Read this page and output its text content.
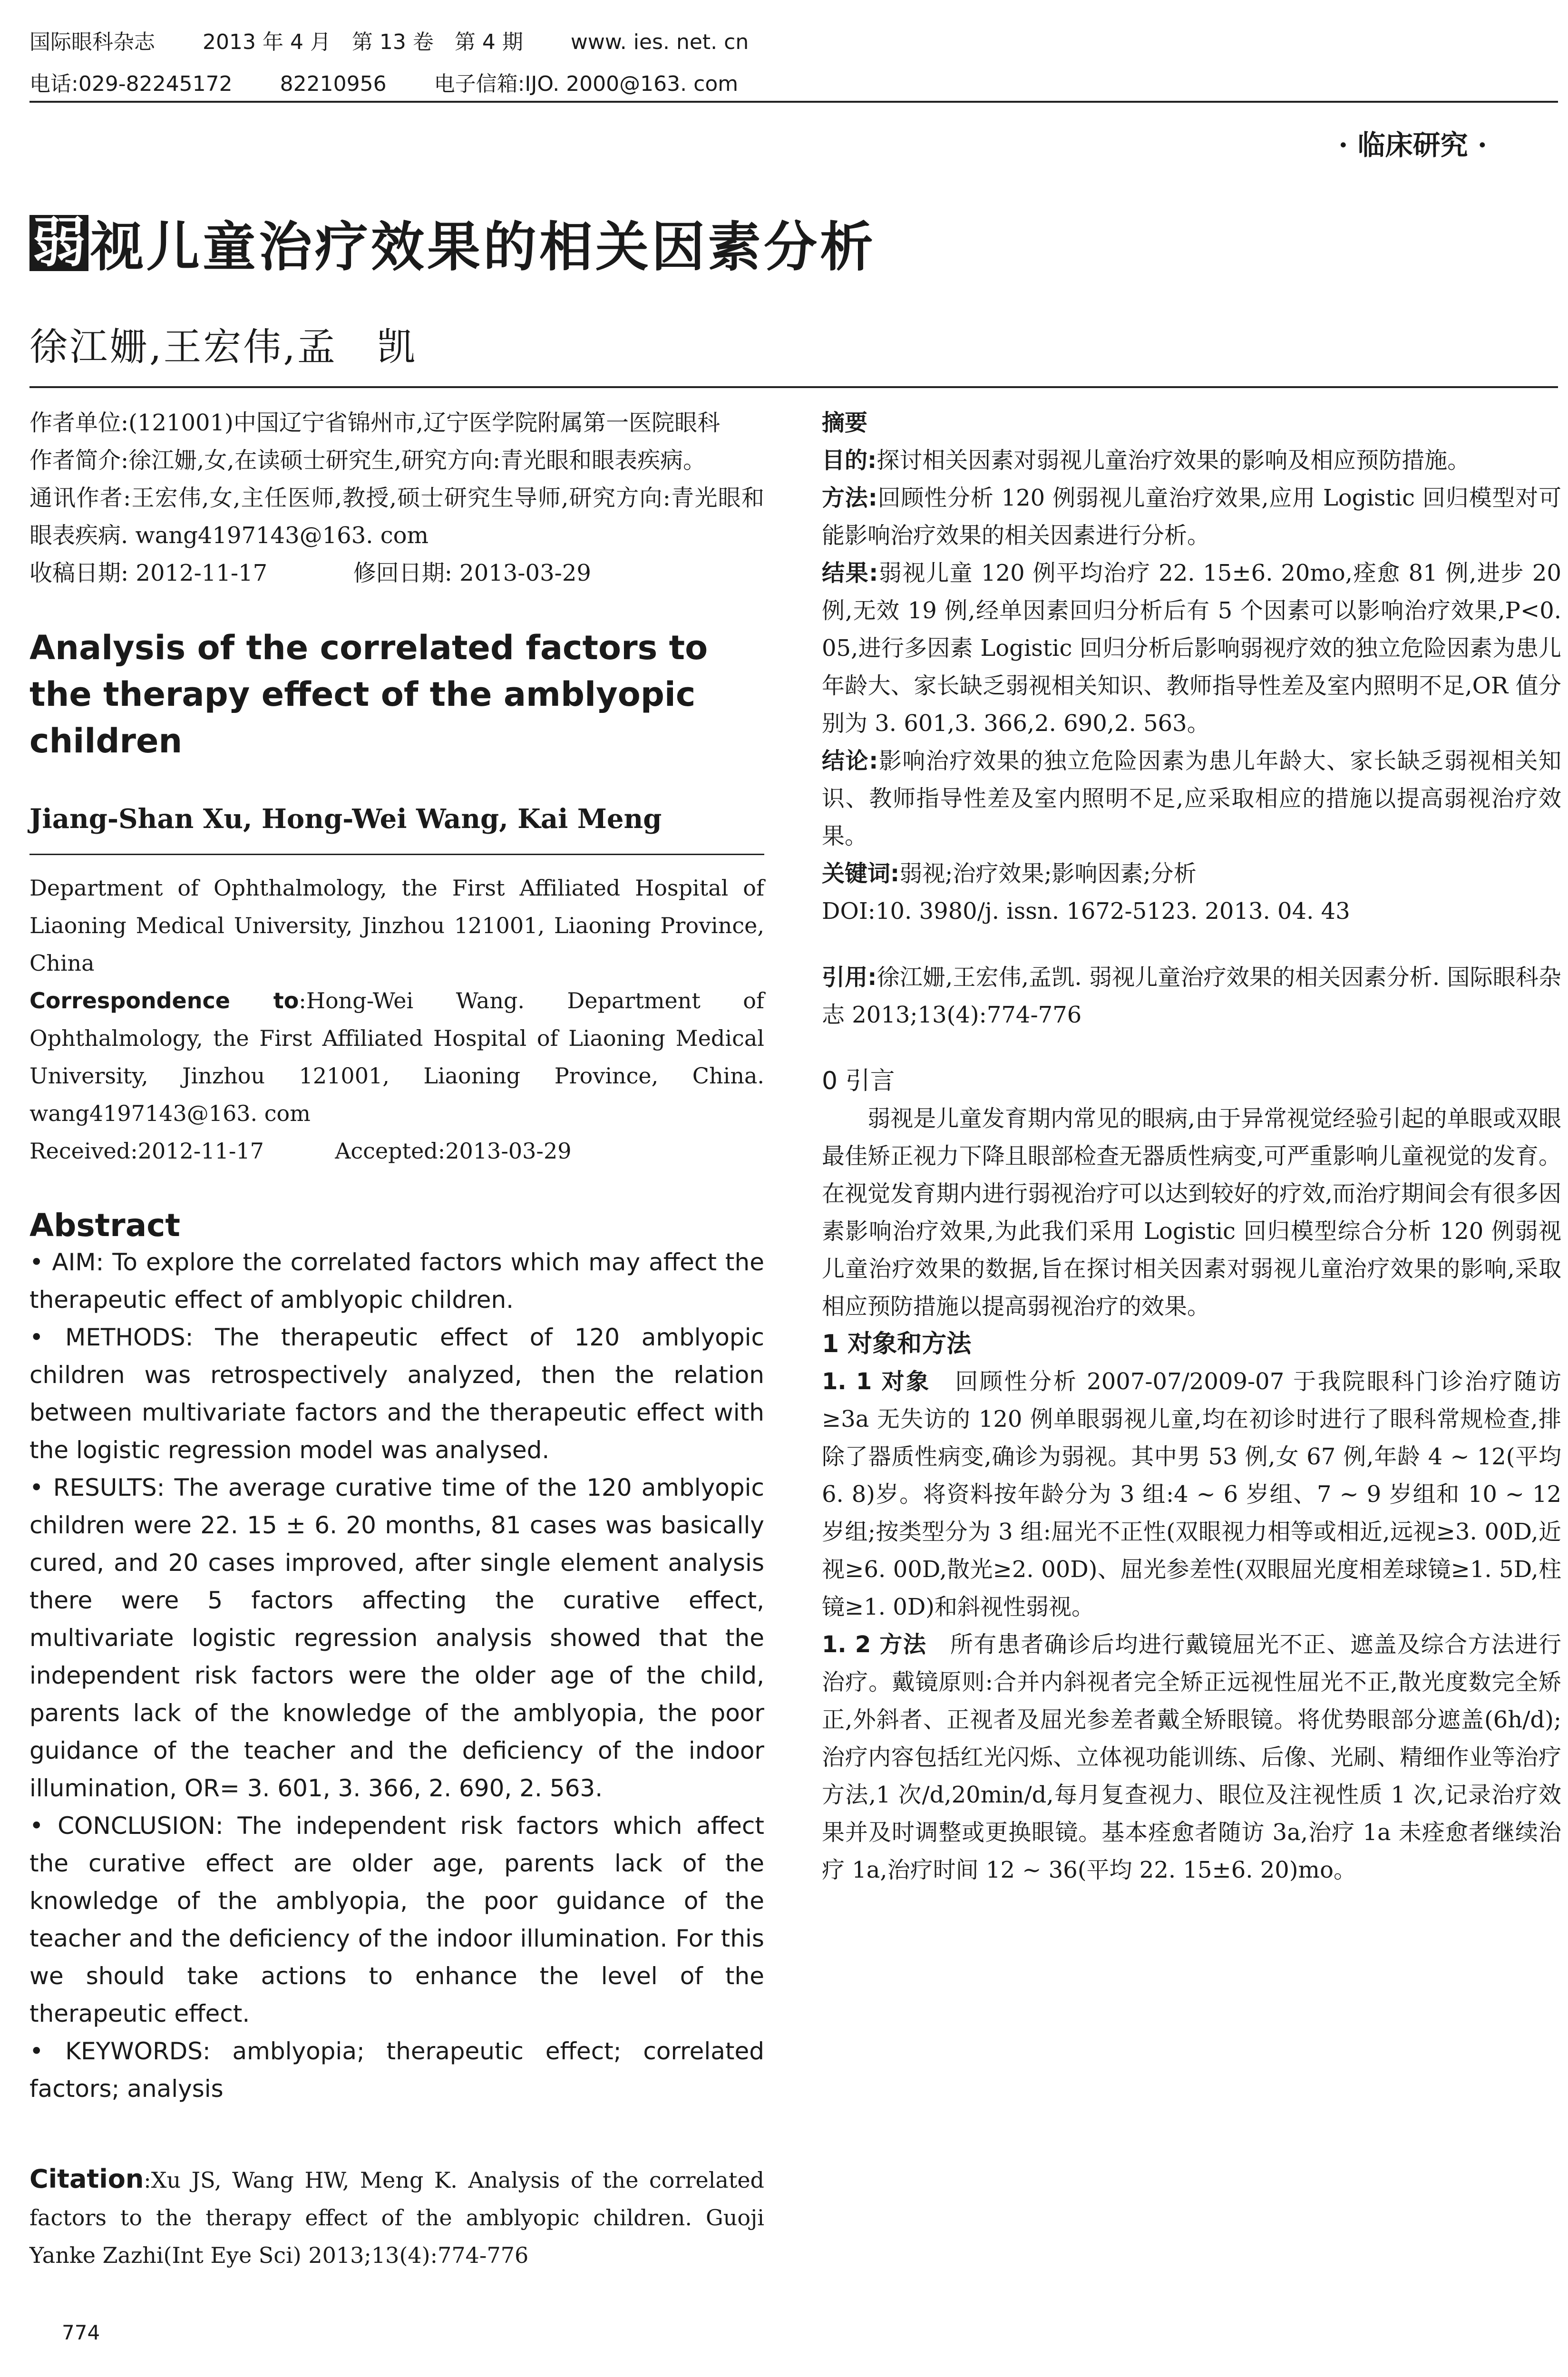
国际眼科杂志 2013 年 4 月　第 13 卷　第 4 期 www. ies. net. cn
电话:029-82245172 82210956 电子信箱:IJO. 2000@163. com
· 临床研究 ·
弱 视儿童治疗效果的相关因素分析
徐江姗,王宏伟,孟　凯

作者单位:(121001)中国辽宁省锦州市,辽宁医学院附属第一医院眼科

作者简介:徐江姗,女,在读硕士研究生,研究方向:青光眼和眼表疾病。

通讯作者:王宏伟,女,主任医师,教授,硕士研究生导师,研究方向:青光眼和眼表疾病. wang4197143@163. com

收稿日期: 2012-11-17	修回日期: 2013-03-29

Analysis of the correlated factors to the therapy effect of the amblyopic children

Jiang-Shan Xu, Hong-Wei Wang, Kai Meng

Department of Ophthalmology, the First Affiliated Hospital of Liaoning Medical University, Jinzhou 121001, Liaoning Province, China

Correspondence to:Hong-Wei Wang. Department of Ophthalmology, the First Affiliated Hospital of Liaoning Medical University, Jinzhou 121001, Liaoning Province, China. wang4197143@163. com

Received:2012-11-17	Accepted:2013-03-29

Abstract

• AIM: To explore the correlated factors which may affect the therapeutic effect of amblyopic children.

• METHODS: The therapeutic effect of 120 amblyopic children was retrospectively analyzed, then the relation between multivariate factors and the therapeutic effect with the logistic regression model was analysed.

• RESULTS: The average curative time of the 120 amblyopic children were 22. 15 ± 6. 20 months, 81 cases was basically cured, and 20 cases improved, after single element analysis there were 5 factors affecting the curative effect, multivariate logistic regression analysis showed that the independent risk factors were the older age of the child, parents lack of the knowledge of the amblyopia, the poor guidance of the teacher and the deficiency of the indoor illumination, OR= 3. 601, 3. 366, 2. 690, 2. 563.

• CONCLUSION: The independent risk factors which affect the curative effect are older age, parents lack of the knowledge of the amblyopia, the poor guidance of the teacher and the deficiency of the indoor illumination. For this we should take actions to enhance the level of the therapeutic effect.

• KEYWORDS: amblyopia; therapeutic effect; correlated factors; analysis

Citation:Xu JS, Wang HW, Meng K. Analysis of the correlated factors to the therapy effect of the amblyopic children. Guoji Yanke Zazhi(Int Eye Sci) 2013;13(4):774-776

摘要

目的:探讨相关因素对弱视儿童治疗效果的影响及相应预防措施。

方法:回顾性分析 120 例弱视儿童治疗效果,应用 Logistic 回归模型对可能影响治疗效果的相关因素进行分析。

结果:弱视儿童 120 例平均治疗 22. 15±6. 20mo,痊愈 81 例,进步 20 例,无效 19 例,经单因素回归分析后有 5 个因素可以影响治疗效果,P<0. 05,进行多因素 Logistic 回归分析后影响弱视疗效的独立危险因素为患儿年龄大、家长缺乏弱视相关知识、教师指导性差及室内照明不足,OR 值分别为 3. 601,3. 366,2. 690,2. 563。

结论:影响治疗效果的独立危险因素为患儿年龄大、家长缺乏弱视相关知识、教师指导性差及室内照明不足,应采取相应的措施以提高弱视治疗效果。

关键词:弱视;治疗效果;影响因素;分析

DOI:10. 3980/j. issn. 1672-5123. 2013. 04. 43

引用:徐江姗,王宏伟,孟凯. 弱视儿童治疗效果的相关因素分析. 国际眼科杂志 2013;13(4):774-776

0 引言

弱视是儿童发育期内常见的眼病,由于异常视觉经验引起的单眼或双眼最佳矫正视力下降且眼部检查无器质性病变,可严重影响儿童视觉的发育。在视觉发育期内进行弱视治疗可以达到较好的疗效,而治疗期间会有很多因素影响治疗效果,为此我们采用 Logistic 回归模型综合分析 120 例弱视儿童治疗效果的数据,旨在探讨相关因素对弱视儿童治疗效果的影响,采取相应预防措施以提高弱视治疗的效果。

1 对象和方法

1. 1 对象　回顾性分析 2007-07/2009-07 于我院眼科门诊治疗随访≥3a 无失访的 120 例单眼弱视儿童,均在初诊时进行了眼科常规检查,排除了器质性病变,确诊为弱视。其中男 53 例,女 67 例,年龄 4 ~ 12(平均 6. 8)岁。将资料按年龄分为 3 组:4 ~ 6 岁组、7 ~ 9 岁组和 10 ~ 12 岁组;按类型分为 3 组:屈光不正性(双眼视力相等或相近,远视≥3. 00D,近视≥6. 00D,散光≥2. 00D)、屈光参差性(双眼屈光度相差球镜≥1. 5D,柱镜≥1. 0D)和斜视性弱视。

1. 2 方法　所有患者确诊后均进行戴镜屈光不正、遮盖及综合方法进行治疗。戴镜原则:合并内斜视者完全矫正远视性屈光不正,散光度数完全矫正,外斜者、正视者及屈光参差者戴全矫眼镜。将优势眼部分遮盖(6h/d);治疗内容包括红光闪烁、立体视功能训练、后像、光刷、精细作业等治疗方法,1 次/d,20min/d,每月复查视力、眼位及注视性质 1 次,记录治疗效果并及时调整或更换眼镜。基本痊愈者随访 3a,治疗 1a 未痊愈者继续治疗 1a,治疗时间 12 ~ 36(平均 22. 15±6. 20)mo。

774
